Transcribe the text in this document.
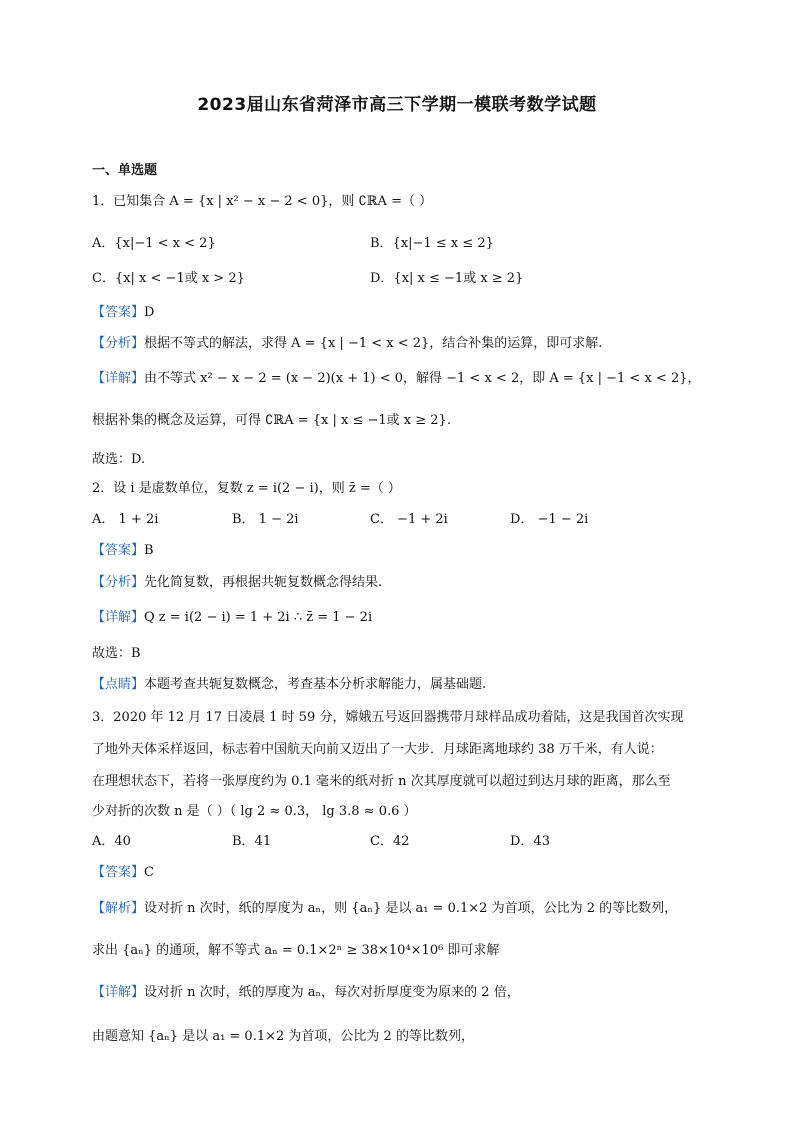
2023届山东省菏泽市高三下学期一模联考数学试题
一、单选题
1．已知集合 A = {x | x² − x − 2 < 0}，则 ∁ℝA =（ ）
A．{x|−1 < x < 2}	B．{x|−1 ≤ x ≤ 2}
C．{x| x < −1或 x > 2}	D．{x| x ≤ −1或 x ≥ 2}
【答案】D
【分析】根据不等式的解法，求得 A = {x | −1 < x < 2}，结合补集的运算，即可求解.
【详解】由不等式 x² − x − 2 = (x − 2)(x + 1) < 0，解得 −1 < x < 2，即 A = {x | −1 < x < 2}，
根据补集的概念及运算，可得 ∁ℝA = {x | x ≤ −1或 x ≥ 2}.
故选：D.
2．设 i 是虚数单位，复数 z = i(2 − i)，则 z̄ =（ ）
A． 1 + 2i	B． 1 − 2i	C． −1 + 2i	D． −1 − 2i
【答案】B
【分析】先化简复数，再根据共轭复数概念得结果.
【详解】Q z = i(2 − i) = 1 + 2i ∴ z̄ = 1 − 2i
故选：B
【点睛】本题考查共轭复数概念，考查基本分析求解能力，属基础题.
3．2020 年 12 月 17 日凌晨 1 时 59 分，嫦娥五号返回器携带月球样品成功着陆，这是我国首次实现
了地外天体采样返回，标志着中国航天向前又迈出了一大步．月球距离地球约 38 万千米，有人说：
在理想状态下，若将一张厚度约为 0.1 毫米的纸对折 n 次其厚度就可以超过到达月球的距离，那么至
少对折的次数 n 是（ ）（ lg 2 ≈ 0.3， lg 3.8 ≈ 0.6 ）
A．40	B．41	C．42	D．43
【答案】C
【解析】设对折 n 次时，纸的厚度为 aₙ，则 {aₙ} 是以 a₁ = 0.1×2 为首项，公比为 2 的等比数列，
求出 {aₙ} 的通项，解不等式 aₙ = 0.1×2ⁿ ≥ 38×10⁴×10⁶ 即可求解
【详解】设对折 n 次时，纸的厚度为 aₙ，每次对折厚度变为原来的 2 倍，
由题意知 {aₙ} 是以 a₁ = 0.1×2 为首项，公比为 2 的等比数列，
